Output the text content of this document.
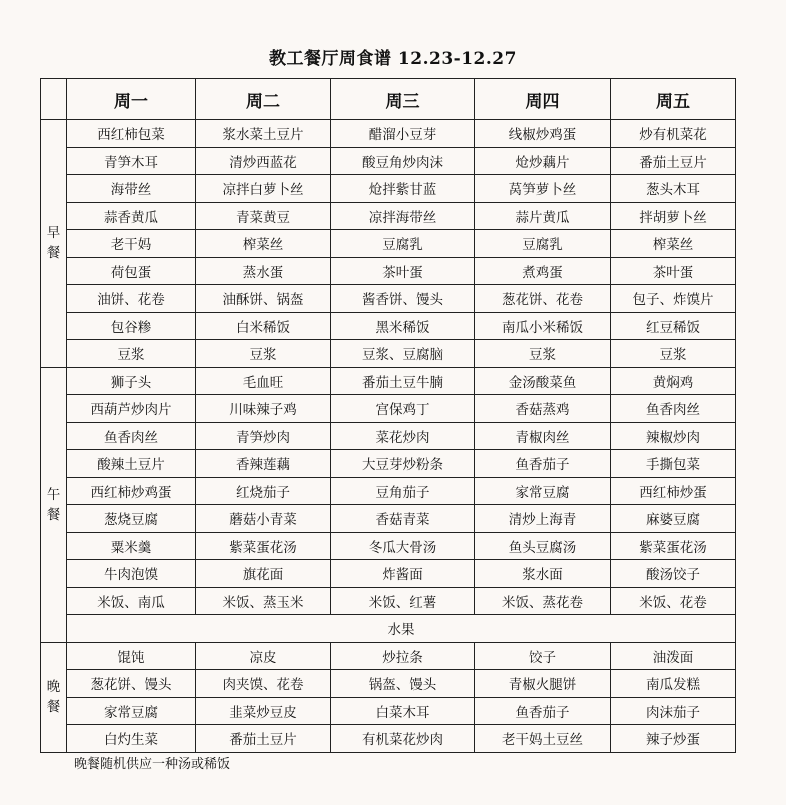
教工餐厅周食谱 12.23-12.27
	周一	周二	周三	周四	周五

早
餐	西红柿包菜	浆水菜土豆片	醋溜小豆芽	线椒炒鸡蛋	炒有机菜花
	青笋木耳	清炒西蓝花	酸豆角炒肉沫	炝炒藕片	番茄土豆片
	海带丝	凉拌白萝卜丝	炝拌紫甘蓝	莴笋萝卜丝	葱头木耳
	蒜香黄瓜	青菜黄豆	凉拌海带丝	蒜片黄瓜	拌胡萝卜丝
	老干妈	榨菜丝	豆腐乳	豆腐乳	榨菜丝
	荷包蛋	蒸水蛋	茶叶蛋	煮鸡蛋	茶叶蛋
	油饼、花卷	油酥饼、锅盔	酱香饼、馒头	葱花饼、花卷	包子、炸馍片
	包谷糁	白米稀饭	黑米稀饭	南瓜小米稀饭	红豆稀饭
	豆浆	豆浆	豆浆、豆腐脑	豆浆	豆浆

午
餐	狮子头	毛血旺	番茄土豆牛腩	金汤酸菜鱼	黄焖鸡
	西葫芦炒肉片	川味辣子鸡	宫保鸡丁	香菇蒸鸡	鱼香肉丝
	鱼香肉丝	青笋炒肉	菜花炒肉	青椒肉丝	辣椒炒肉
	酸辣土豆片	香辣莲藕	大豆芽炒粉条	鱼香茄子	手撕包菜
	西红柿炒鸡蛋	红烧茄子	豆角茄子	家常豆腐	西红柿炒蛋
	葱烧豆腐	蘑菇小青菜	香菇青菜	清炒上海青	麻婆豆腐
	粟米羹	紫菜蛋花汤	冬瓜大骨汤	鱼头豆腐汤	紫菜蛋花汤
	牛肉泡馍	旗花面	炸酱面	浆水面	酸汤饺子
	米饭、南瓜	米饭、蒸玉米	米饭、红薯	米饭、蒸花卷	米饭、花卷
	水果				

晚
餐	馄饨	凉皮	炒拉条	饺子	油泼面
	葱花饼、馒头	肉夹馍、花卷	锅盔、馒头	青椒火腿饼	南瓜发糕
	家常豆腐	韭菜炒豆皮	白菜木耳	鱼香茄子	肉沫茄子
	白灼生菜	番茄土豆片	有机菜花炒肉	老干妈土豆丝	辣子炒蛋
晚餐随机供应一种汤或稀饭
